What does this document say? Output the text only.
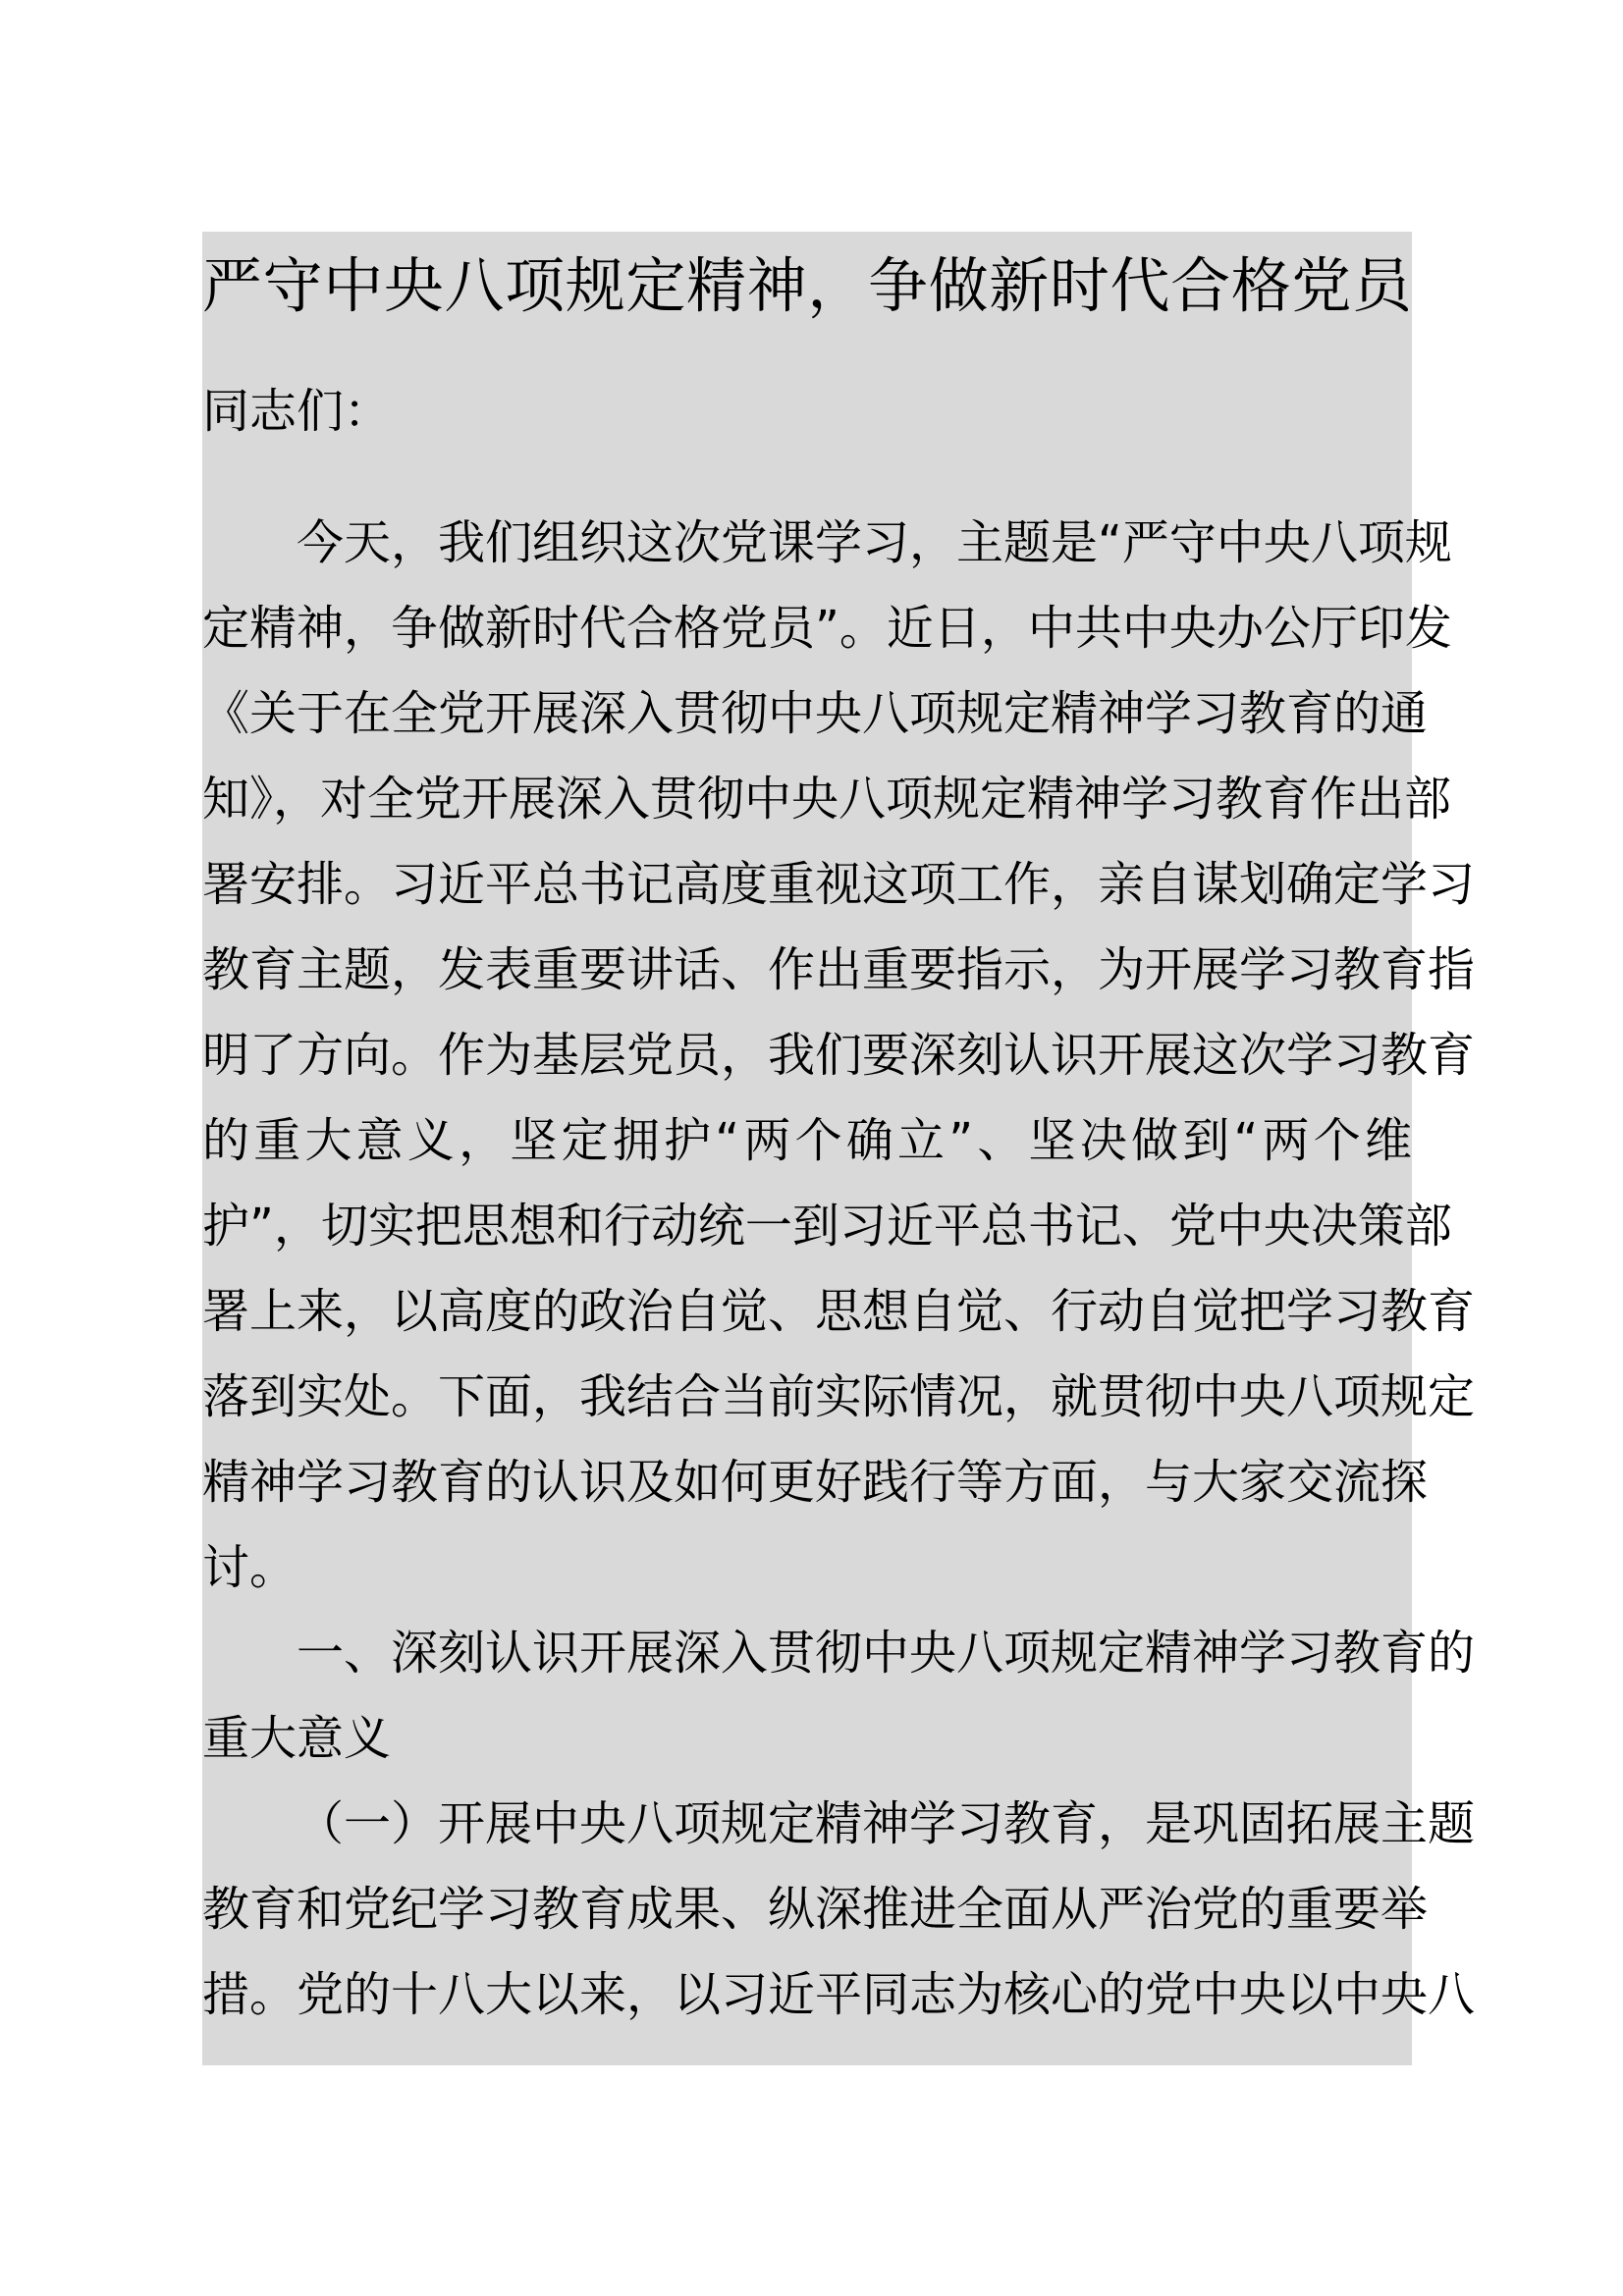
严守中央八项规定精神，争做新时代合格党员
同志们：
今天，我们组织这次党课学习，主题是“严守中央八项规
定精神，争做新时代合格党员”。近日，中共中央办公厅印发
《关于在全党开展深入贯彻中央八项规定精神学习教育的通
知》，对全党开展深入贯彻中央八项规定精神学习教育作出部
署安排。习近平总书记高度重视这项工作，亲自谋划确定学习
教育主题，发表重要讲话、作出重要指示，为开展学习教育指
明了方向。作为基层党员，我们要深刻认识开展这次学习教育
的重大意义，坚定拥护“两个确立”、坚决做到“两个维
护”，切实把思想和行动统一到习近平总书记、党中央决策部
署上来，以高度的政治自觉、思想自觉、行动自觉把学习教育
落到实处。下面，我结合当前实际情况，就贯彻中央八项规定
精神学习教育的认识及如何更好践行等方面，与大家交流探
讨。
一、深刻认识开展深入贯彻中央八项规定精神学习教育的
重大意义
（一）开展中央八项规定精神学习教育，是巩固拓展主题
教育和党纪学习教育成果、纵深推进全面从严治党的重要举
措。党的十八大以来，以习近平同志为核心的党中央以中央八
